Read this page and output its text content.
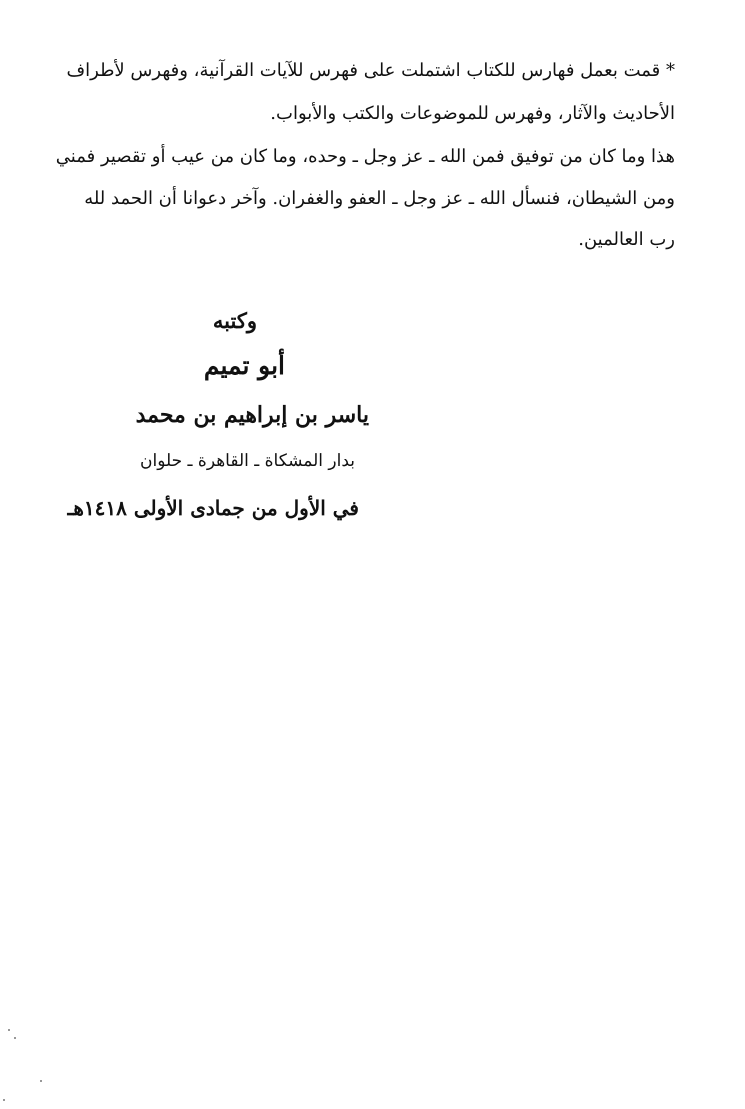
* قمت بعمل فهارس للكتاب اشتملت على فهرس للآيات القرآنية، وفهرس لأطراف
الأحاديث والآثار، وفهرس للموضوعات والكتب والأبواب.
هذا وما كان من توفيق فمن الله ـ عز وجل ـ وحده، وما كان من عيب أو تقصير فمني
ومن الشيطان، فنسأل الله ـ عز وجل ـ العفو والغفران. وآخر دعوانا أن الحمد لله
رب العالمين.
وكتبه
أبو تميم
ياسر بن إبراهيم بن محمد
بدار المشكاة ـ القاهرة ـ حلوان
في الأول من جمادى الأولى ١٤١٨هـ
